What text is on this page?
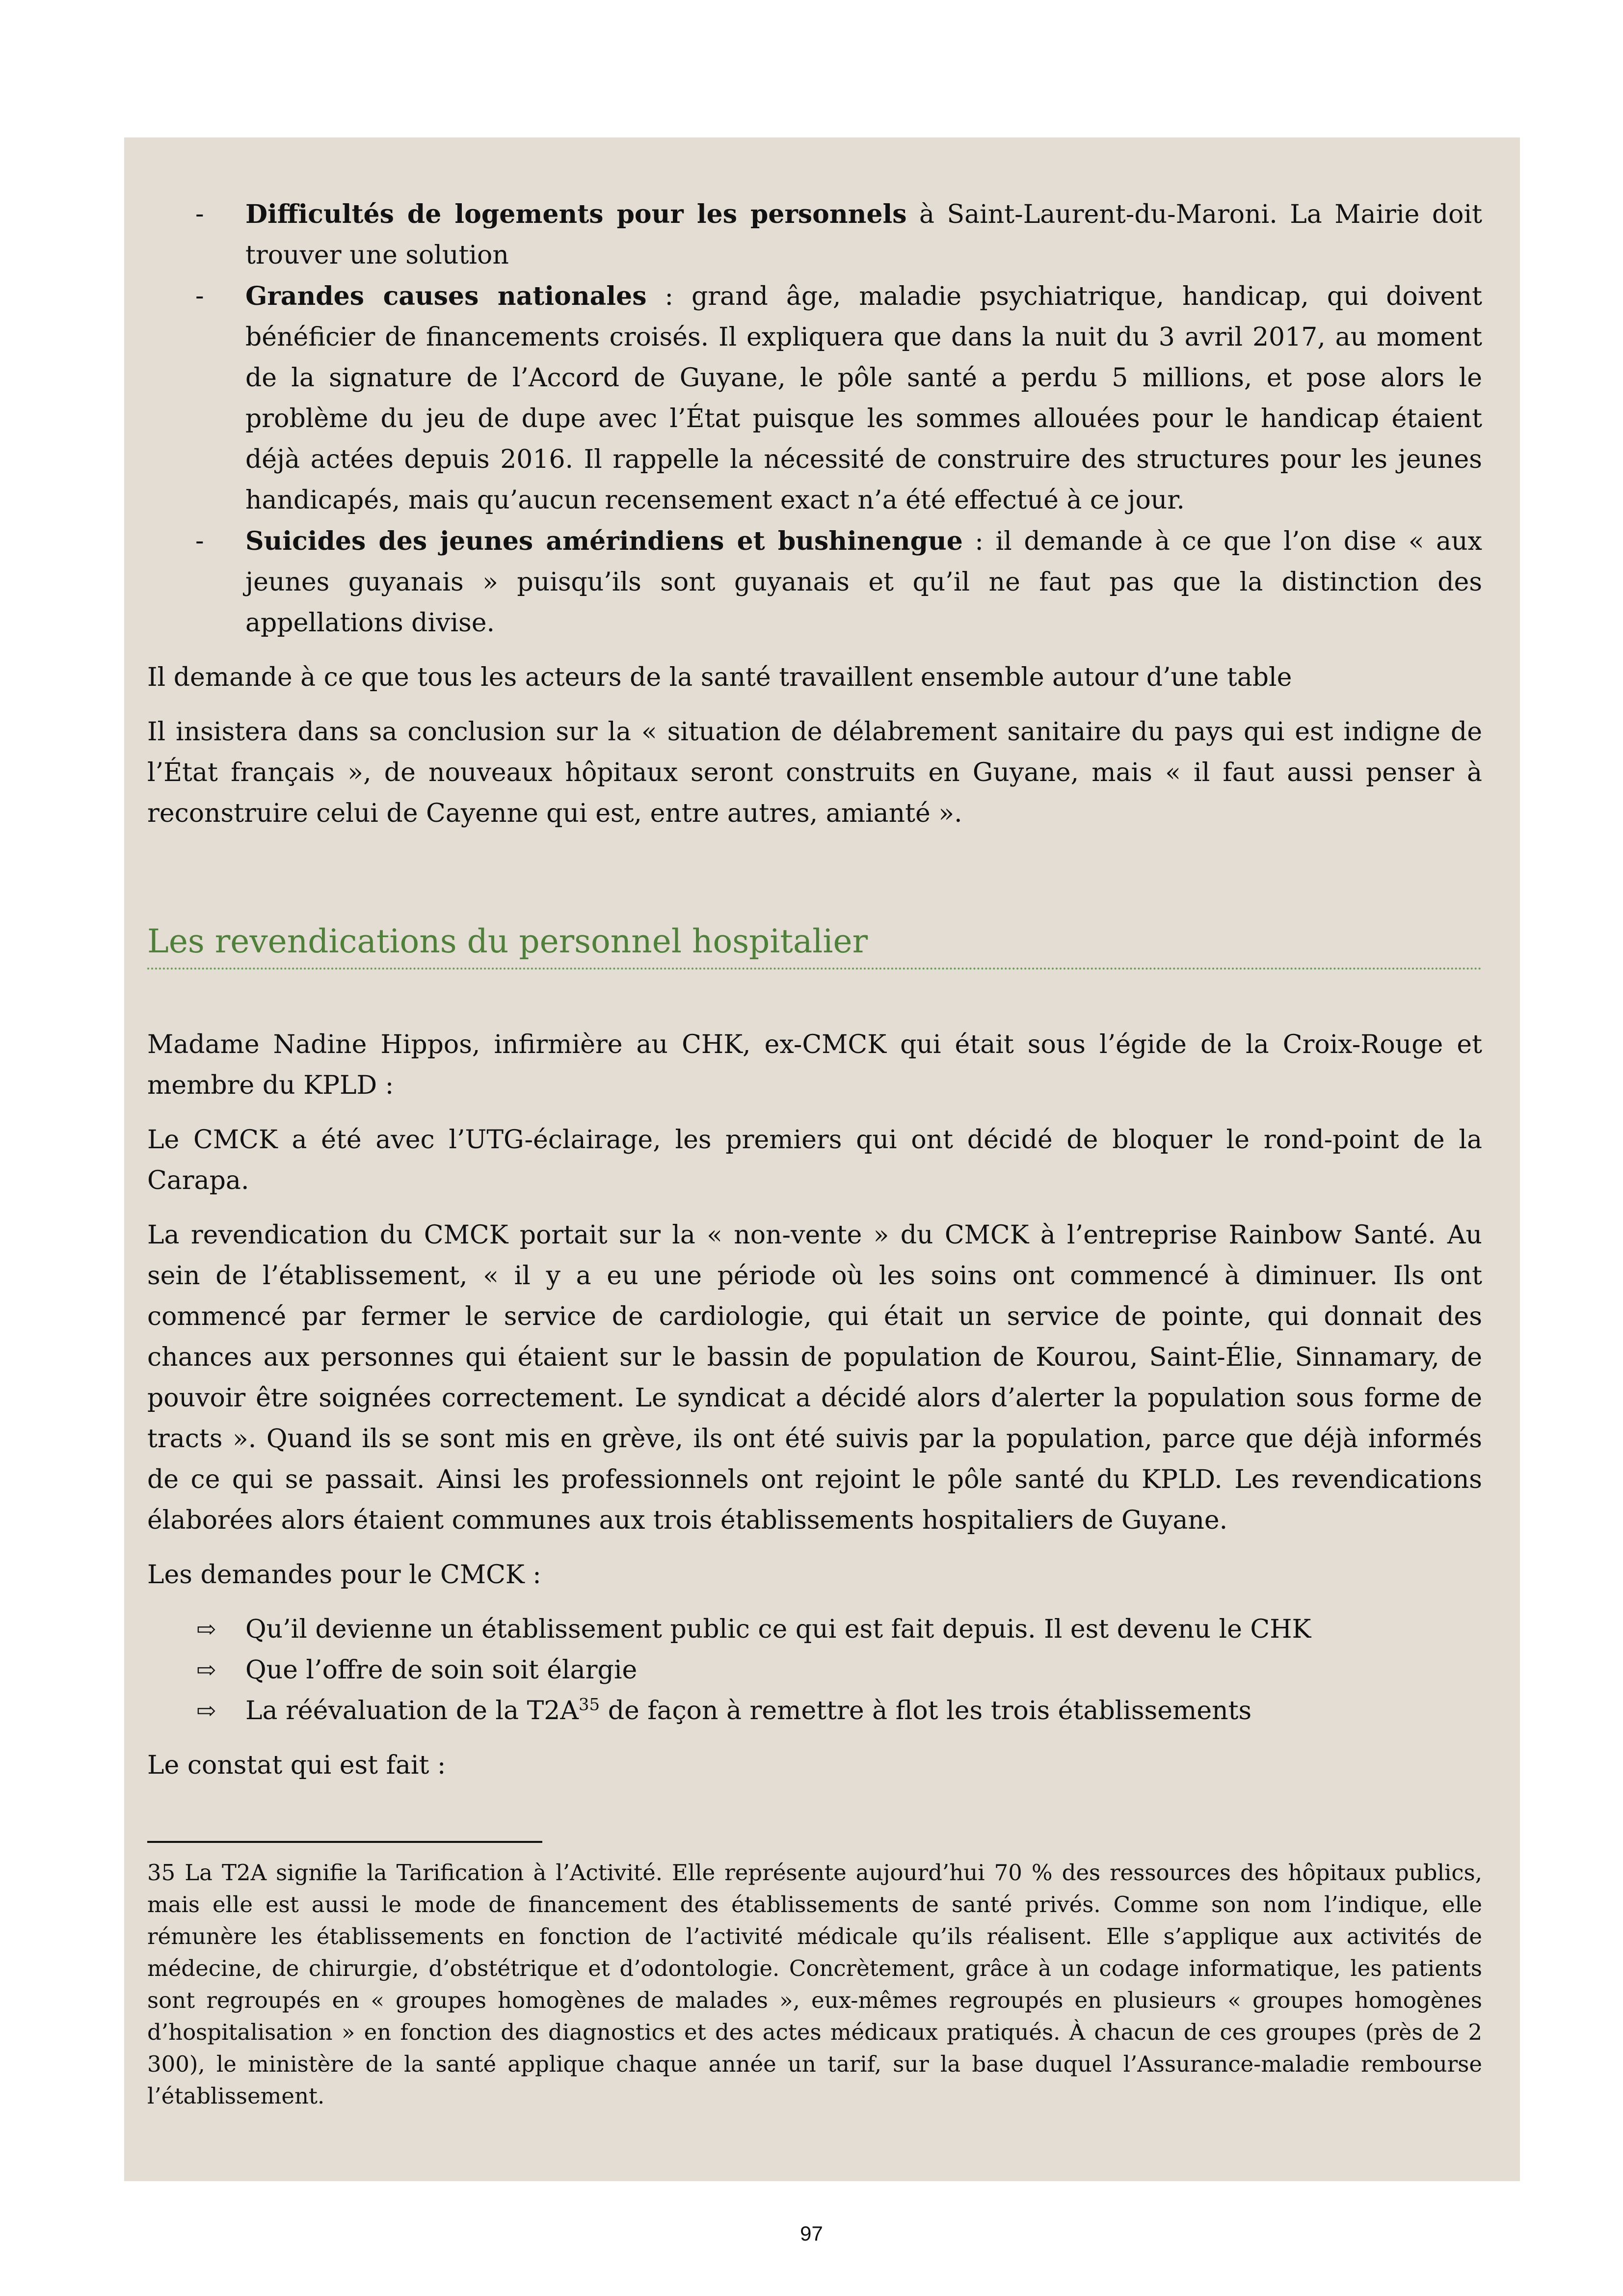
- Difficultés de logements pour les personnels à Saint-Laurent-du-Maroni. La Mairie doit trouver une solution
- Grandes causes nationales : grand âge, maladie psychiatrique, handicap, qui doivent bénéficier de financements croisés. Il expliquera que dans la nuit du 3 avril 2017, au moment de la signature de l’Accord de Guyane, le pôle santé a perdu 5 millions, et pose alors le problème du jeu de dupe avec l’État puisque les sommes allouées pour le handicap étaient déjà actées depuis 2016. Il rappelle la nécessité de construire des structures pour les jeunes handicapés, mais qu’aucun recensement exact n’a été effectué à ce jour.
- Suicides des jeunes amérindiens et bushinengue : il demande à ce que l’on dise « aux jeunes guyanais » puisqu’ils sont guyanais et qu’il ne faut pas que la distinction des appellations divise.

Il demande à ce que tous les acteurs de la santé travaillent ensemble autour d’une table

Il insistera dans sa conclusion sur la « situation de délabrement sanitaire du pays qui est indigne de l’État français », de nouveaux hôpitaux seront construits en Guyane, mais « il faut aussi penser à reconstruire celui de Cayenne qui est, entre autres, amianté ».

Les revendications du personnel hospitalier

Madame Nadine Hippos, infirmière au CHK, ex-CMCK qui était sous l’égide de la Croix-Rouge et membre du KPLD :

Le CMCK a été avec l’UTG-éclairage, les premiers qui ont décidé de bloquer le rond-point de la Carapa.

La revendication du CMCK portait sur la « non-vente » du CMCK à l’entreprise Rainbow Santé. Au sein de l’établissement, « il y a eu une période où les soins ont commencé à diminuer. Ils ont commencé par fermer le service de cardiologie, qui était un service de pointe, qui donnait des chances aux personnes qui étaient sur le bassin de population de Kourou, Saint-Élie, Sinnamary, de pouvoir être soignées correctement. Le syndicat a décidé alors d’alerter la population sous forme de tracts ». Quand ils se sont mis en grève, ils ont été suivis par la population, parce que déjà informés de ce qui se passait. Ainsi les professionnels ont rejoint le pôle santé du KPLD. Les revendications élaborées alors étaient communes aux trois établissements hospitaliers de Guyane.

Les demandes pour le CMCK :

⇨ Qu’il devienne un établissement public ce qui est fait depuis. Il est devenu le CHK
⇨ Que l’offre de soin soit élargie
⇨ La réévaluation de la $T2A^{35}$ de façon à remettre à flot les trois établissements

Le constat qui est fait :

35 La T2A signifie la Tarification à l’Activité. Elle représente aujourd’hui 70 % des ressources des hôpitaux publics, mais elle est aussi le mode de financement des établissements de santé privés. Comme son nom l’indique, elle rémunère les établissements en fonction de l’activité médicale qu’ils réalisent. Elle s’applique aux activités de médecine, de chirurgie, d’obstétrique et d’odontologie. Concrètement, grâce à un codage informatique, les patients sont regroupés en « groupes homogènes de malades », eux-mêmes regroupés en plusieurs « groupes homogènes d’hospitalisation » en fonction des diagnostics et des actes médicaux pratiqués. À chacun de ces groupes (près de 2 300), le ministère de la santé applique chaque année un tarif, sur la base duquel l’Assurance-maladie rembourse l’établissement.

97
